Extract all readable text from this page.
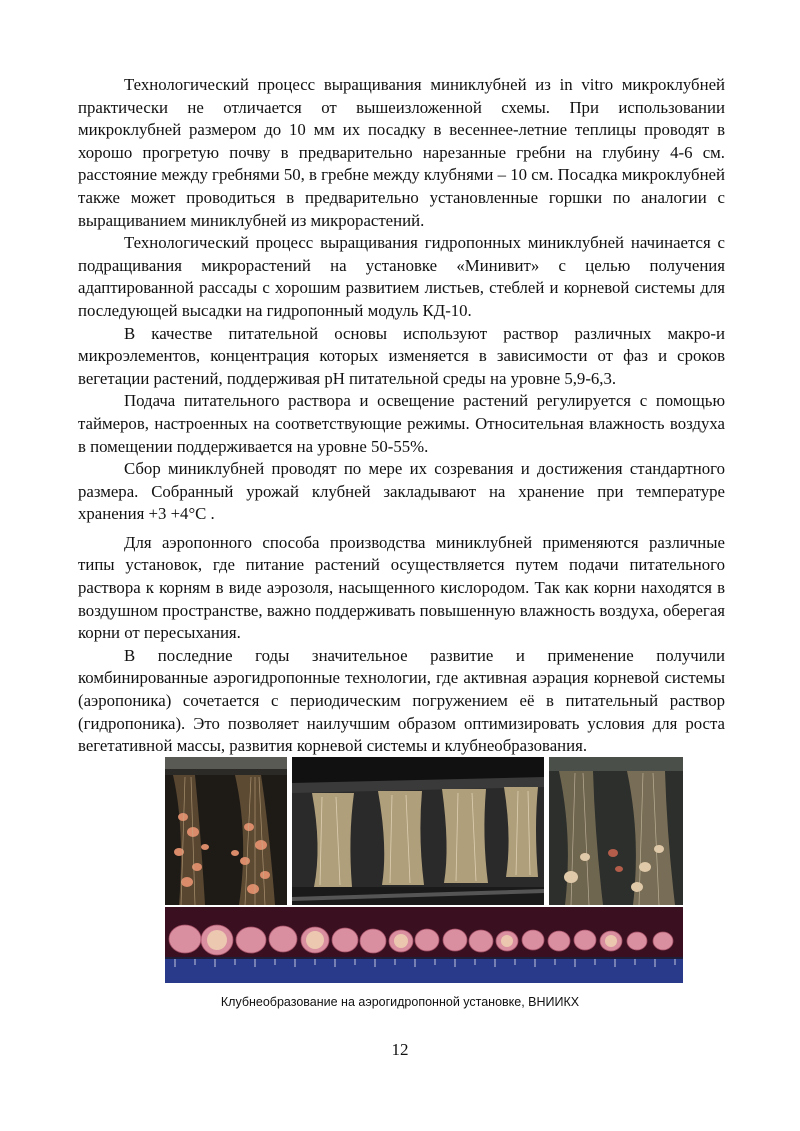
Технологический процесс выращивания миниклубней из in vitro микроклубней практически не отличается от вышеизложенной схемы. При использовании микроклубней размером до 10 мм их посадку в весеннее-летние теплицы проводят в хорошо прогретую почву в предварительно нарезанные гребни на глубину 4-6 см. расстояние между гребнями 50, в гребне между клубнями – 10 см. Посадка микроклубней также может проводиться в предварительно установленные горшки по аналогии с выращиванием миниклубней из микрорастений.

Технологический процесс выращивания гидропонных миниклубней начинается с подращивания микрорастений на установке «Минивит» с целью получения адаптированной рассады с хорошим развитием листьев, стеблей и корневой системы для последующей высадки на гидропонный модуль КД-10.

В качестве питательной основы используют раствор различных макро-и микроэлементов, концентрация которых изменяется в зависимости от фаз и сроков вегетации растений, поддерживая pH питательной среды на уровне 5,9-6,3.

Подача питательного раствора и освещение растений регулируется с помощью таймеров, настроенных на соответствующие режимы. Относительная влажность воздуха в помещении поддерживается на уровне 50-55%.

Сбор миниклубней проводят по мере их созревания и достижения стандартного размера. Собранный урожай клубней закладывают на хранение при температуре хранения +3 +4°C .

Для аэропонного способа производства миниклубней применяются различные типы установок, где питание растений осуществляется путем подачи питательного раствора к корням в виде аэрозоля, насыщенного кислородом. Так как корни находятся в воздушном пространстве, важно поддерживать повышенную влажность воздуха, оберегая корни от пересыхания.

В последние годы значительное развитие и применение получили комбинированные аэрогидропонные технологии, где активная аэрация корневой системы (аэропоника) сочетается с периодическим погружением её в питательный раствор (гидропоника). Это позволяет наилучшим образом оптимизировать условия для роста вегетативной массы, развития корневой системы и клубнеобразования.

Клубнеобразование на аэрогидропонной установке, ВНИИКХ
12
